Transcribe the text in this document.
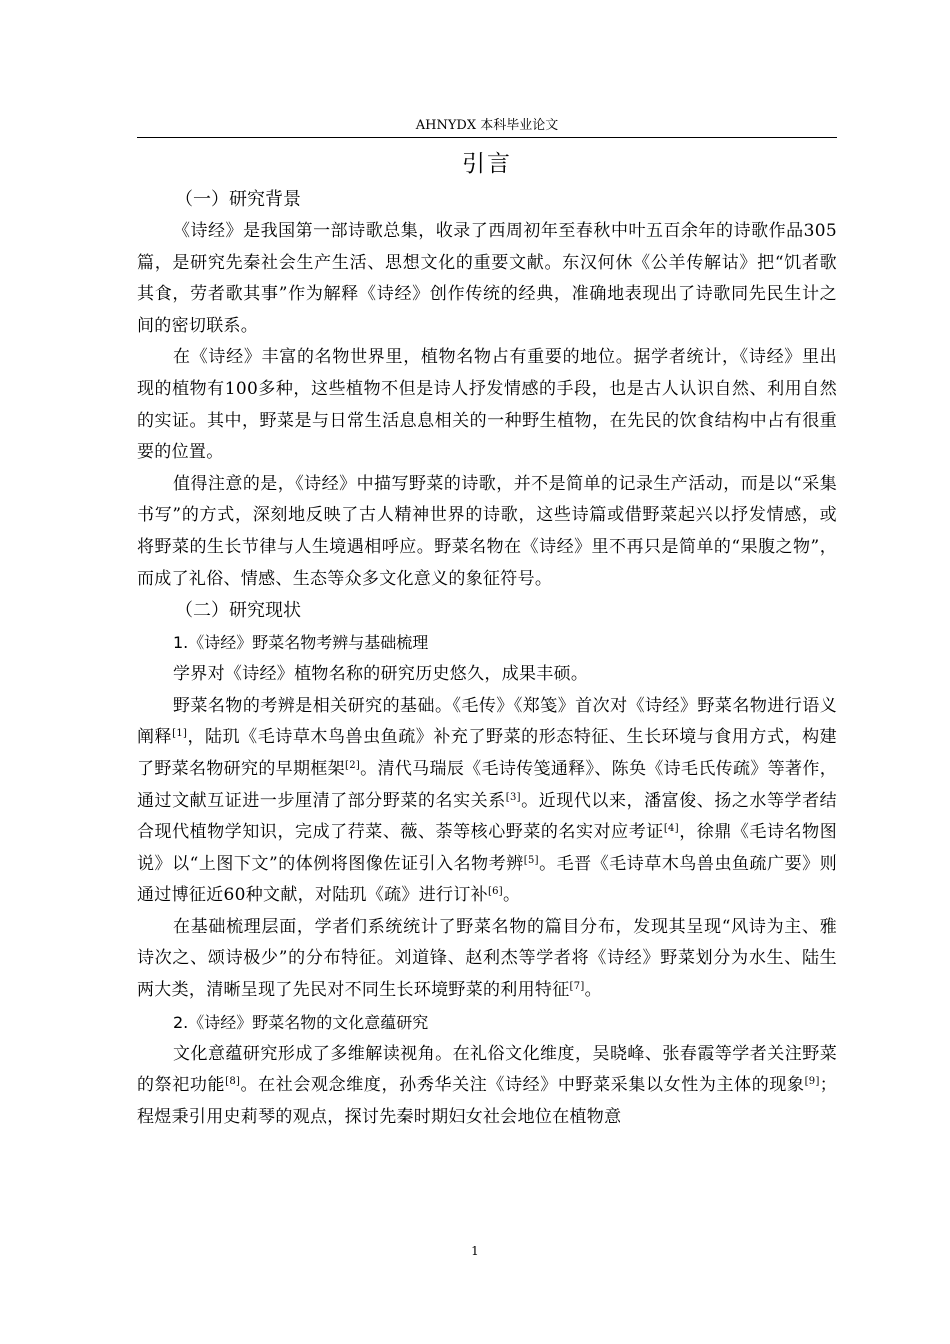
AHNYDX 本科毕业论文
引言
（一）研究背景

《诗经》是我国第一部诗歌总集，收录了西周初年至春秋中叶五百余年的诗歌作品305篇，是研究先秦社会生产生活、思想文化的重要文献。东汉何休《公羊传解诂》把“饥者歌其食，劳者歌其事”作为解释《诗经》创作传统的经典，准确地表现出了诗歌同先民生计之间的密切联系。

在《诗经》丰富的名物世界里，植物名物占有重要的地位。据学者统计，《诗经》里出现的植物有100多种，这些植物不但是诗人抒发情感的手段，也是古人认识自然、利用自然的实证。其中，野菜是与日常生活息息相关的一种野生植物，在先民的饮食结构中占有很重要的位置。

值得注意的是，《诗经》中描写野菜的诗歌，并不是简单的记录生产活动，而是以“采集书写”的方式，深刻地反映了古人精神世界的诗歌，这些诗篇或借野菜起兴以抒发情感，或将野菜的生长节律与人生境遇相呼应。野菜名物在《诗经》里不再只是简单的“果腹之物”，而成了礼俗、情感、生态等众多文化意义的象征符号。

（二）研究现状
1.《诗经》野菜名物考辨与基础梳理

学界对《诗经》植物名称的研究历史悠久，成果丰硕。

野菜名物的考辨是相关研究的基础。《毛传》《郑笺》首次对《诗经》野菜名物进行语义阐释[1]，陆玑《毛诗草木鸟兽虫鱼疏》补充了野菜的形态特征、生长环境与食用方式，构建了野菜名物研究的早期框架[2]。清代马瑞辰《毛诗传笺通释》、陈奂《诗毛氏传疏》等著作，通过文献互证进一步厘清了部分野菜的名实关系[3]。近现代以来，潘富俊、扬之水等学者结合现代植物学知识，完成了荇菜、薇、荼等核心野菜的名实对应考证[4]，徐鼎《毛诗名物图说》以“上图下文”的体例将图像佐证引入名物考辨[5]。毛晋《毛诗草木鸟兽虫鱼疏广要》则通过博征近60种文献，对陆玑《疏》进行订补[6]。

在基础梳理层面，学者们系统统计了野菜名物的篇目分布，发现其呈现“风诗为主、雅诗次之、颂诗极少”的分布特征。刘道锋、赵利杰等学者将《诗经》野菜划分为水生、陆生两大类，清晰呈现了先民对不同生长环境野菜的利用特征[7]。

2.《诗经》野菜名物的文化意蕴研究

文化意蕴研究形成了多维解读视角。在礼俗文化维度，吴晓峰、张春霞等学者关注野菜的祭祀功能[8]。在社会观念维度，孙秀华关注《诗经》中野菜采集以女性为主体的现象[9]；程煜秉引用史莉琴的观点，探讨先秦时期妇女社会地位在植物意

1
